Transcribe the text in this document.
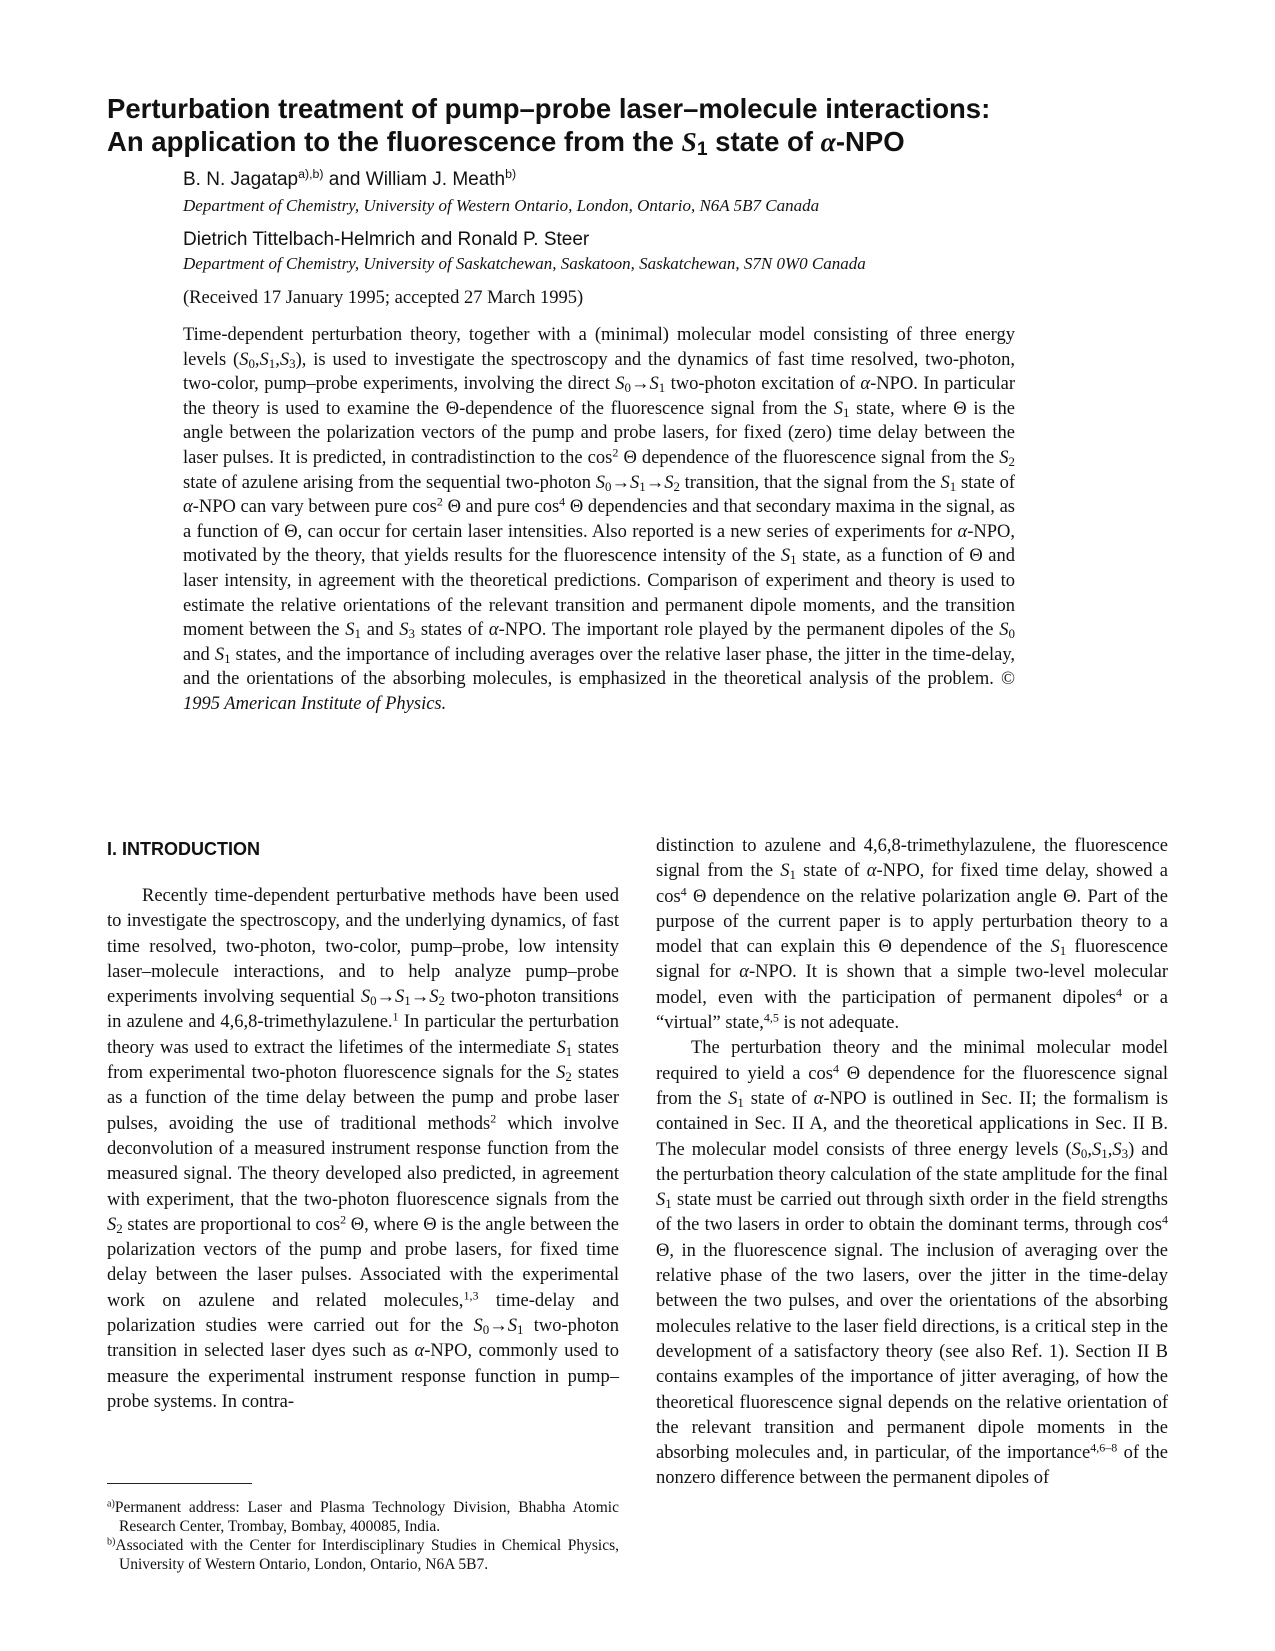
Perturbation treatment of pump–probe laser–molecule interactions:
An application to the fluorescence from the S1 state of α-NPO
B. N. Jagatap$^{a),b)}$ and William J. Meath$^{b)}$
Department of Chemistry, University of Western Ontario, London, Ontario, N6A 5B7 Canada
Dietrich Tittelbach-Helmrich and Ronald P. Steer
Department of Chemistry, University of Saskatchewan, Saskatoon, Saskatchewan, S7N 0W0 Canada
(Received 17 January 1995; accepted 27 March 1995)
Time-dependent perturbation theory, together with a (minimal) molecular model consisting of three energy levels $(S_0,S_1,S_3)$, is used to investigate the spectroscopy and the dynamics of fast time resolved, two-photon, two-color, pump–probe experiments, involving the direct $S_0\to S_1$ two-photon excitation of α-NPO. In particular the theory is used to examine the Θ-dependence of the fluorescence signal from the $S_1$ state, where Θ is the angle between the polarization vectors of the pump and probe lasers, for fixed (zero) time delay between the laser pulses. It is predicted, in contradistinction to the $\cos^2 \Theta$ dependence of the fluorescence signal from the $S_2$ state of azulene arising from the sequential two-photon $S_0\to S_1\to S_2$ transition, that the signal from the $S_1$ state of α-NPO can vary between pure $\cos^2 \Theta$ and pure $\cos^4 \Theta$ dependencies and that secondary maxima in the signal, as a function of Θ, can occur for certain laser intensities. Also reported is a new series of experiments for α-NPO, motivated by the theory, that yields results for the fluorescence intensity of the $S_1$ state, as a function of Θ and laser intensity, in agreement with the theoretical predictions. Comparison of experiment and theory is used to estimate the relative orientations of the relevant transition and permanent dipole moments, and the transition moment between the $S_1$ and $S_3$ states of α-NPO. The important role played by the permanent dipoles of the $S_0$ and $S_1$ states, and the importance of including averages over the relative laser phase, the jitter in the time-delay, and the orientations of the absorbing molecules, is emphasized in the theoretical analysis of the problem. © 1995 American Institute of Physics.
I. INTRODUCTION

Recently time-dependent perturbative methods have been used to investigate the spectroscopy, and the underlying dynamics, of fast time resolved, two-photon, two-color, pump–probe, low intensity laser–molecule interactions, and to help analyze pump–probe experiments involving sequential $S_0\to S_1\to S_2$ two-photon transitions in azulene and 4,6,8-trimethylazulene.$^1$ In particular the perturbation theory was used to extract the lifetimes of the intermediate $S_1$ states from experimental two-photon fluorescence signals for the $S_2$ states as a function of the time delay between the pump and probe laser pulses, avoiding the use of traditional methods$^2$ which involve deconvolution of a measured instrument response function from the measured signal. The theory developed also predicted, in agreement with experiment, that the two-photon fluorescence signals from the $S_2$ states are proportional to $\cos^2 \Theta$, where Θ is the angle between the polarization vectors of the pump and probe lasers, for fixed time delay between the laser pulses. Associated with the experimental work on azulene and related molecules,$^{1,3}$ time-delay and polarization studies were carried out for the $S_0\to S_1$ two-photon transition in selected laser dyes such as α-NPO, commonly used to measure the experimental instrument response function in pump–probe systems. In contra-

distinction to azulene and 4,6,8-trimethylazulene, the fluorescence signal from the $S_1$ state of α-NPO, for fixed time delay, showed a $\cos^4 \Theta$ dependence on the relative polarization angle Θ. Part of the purpose of the current paper is to apply perturbation theory to a model that can explain this Θ dependence of the $S_1$ fluorescence signal for α-NPO. It is shown that a simple two-level molecular model, even with the participation of permanent dipoles$^4$ or a “virtual” state,$^{4,5}$ is not adequate.

The perturbation theory and the minimal molecular model required to yield a $\cos^4 \Theta$ dependence for the fluorescence signal from the $S_1$ state of α-NPO is outlined in Sec. II; the formalism is contained in Sec. II A, and the theoretical applications in Sec. II B. The molecular model consists of three energy levels $(S_0,S_1,S_3)$ and the perturbation theory calculation of the state amplitude for the final $S_1$ state must be carried out through sixth order in the field strengths of the two lasers in order to obtain the dominant terms, through $\cos^4 \Theta$, in the fluorescence signal. The inclusion of averaging over the relative phase of the two lasers, over the jitter in the time-delay between the two pulses, and over the orientations of the absorbing molecules relative to the laser field directions, is a critical step in the development of a satisfactory theory (see also Ref. 1). Section II B contains examples of the importance of jitter averaging, of how the theoretical fluorescence signal depends on the relative orientation of the relevant transition and permanent dipole moments in the absorbing molecules and, in particular, of the importance$^{4,6-8}$ of the nonzero difference between the permanent dipoles of

$^{a)}$Permanent address: Laser and Plasma Technology Division, Bhabha Atomic Research Center, Trombay, Bombay, 400085, India.
$^{b)}$Associated with the Center for Interdisciplinary Studies in Chemical Physics, University of Western Ontario, London, Ontario, N6A 5B7.
